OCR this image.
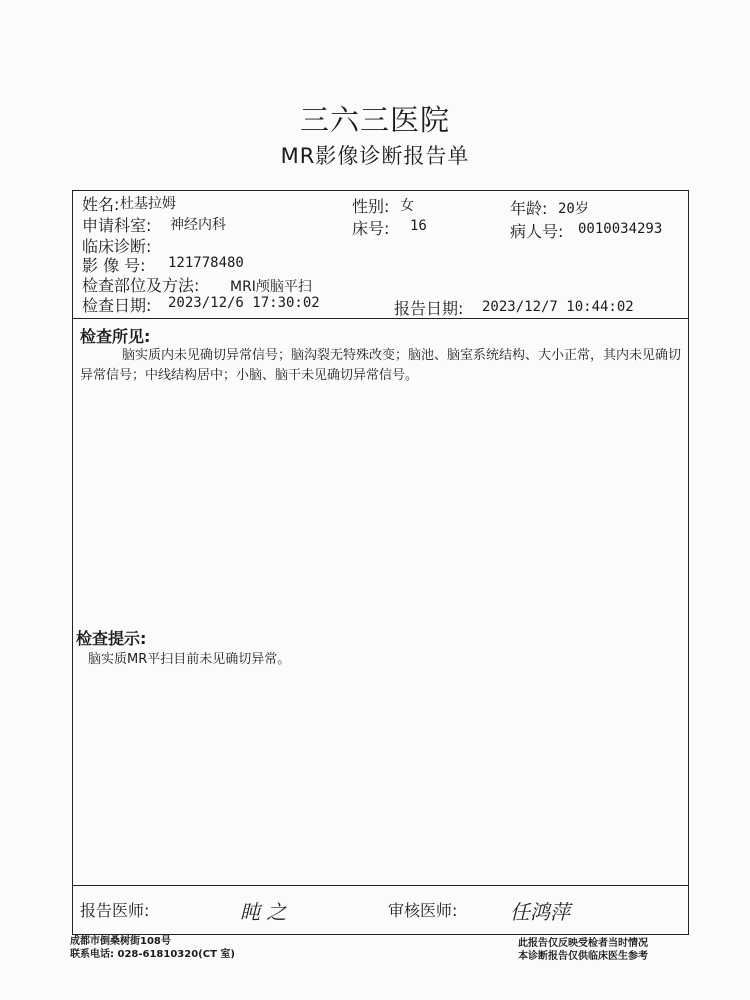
三六三医院
MR影像诊断报告单
姓名: 杜基拉姆	性别: 女	年龄: 20岁
申请科室: 神经内科	床号: 16	病人号: 0010034293
临床诊断:
影 像 号: 121778480
检查部位及方法: MRI颅脑平扫
检查日期: 2023/12/6 17:30:02	报告日期: 2023/12/7 10:44:02
检查所见:
脑实质内未见确切异常信号；脑沟裂无特殊改变；脑池、脑室系统结构、大小正常，其内未见确切异常信号；中线结构居中；小脑、脑干未见确切异常信号。
检查提示:
脑实质MR平扫目前未见确切异常。
报告医师:	盹 之	审核医师:	任鸿萍
成都市倒桑树街108号
联系电话: 028-61810320(CT 室)
此报告仅反映受检者当时情况
本诊断报告仅供临床医生参考
